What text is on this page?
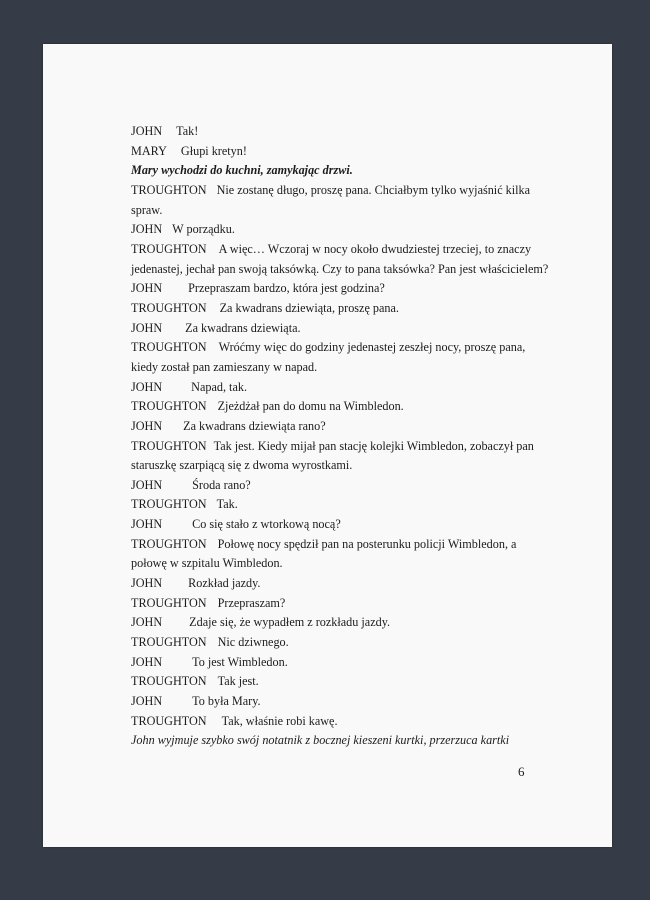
JOHN Tak!
MARY Głupi kretyn!
Mary wychodzi do kuchni, zamykając drzwi.
TROUGHTON Nie zostanę długo, proszę pana. Chciałbym tylko wyjaśnić kilka
spraw.
JOHN W porządku.
TROUGHTON A więc… Wczoraj w nocy około dwudziestej trzeciej, to znaczy
jedenastej, jechał pan swoją taksówką. Czy to pana taksówka? Pan jest właścicielem?
JOHN Przepraszam bardzo, która jest godzina?
TROUGHTON Za kwadrans dziewiąta, proszę pana.
JOHN Za kwadrans dziewiąta.
TROUGHTON Wróćmy więc do godziny jedenastej zeszłej nocy, proszę pana,
kiedy został pan zamieszany w napad.
JOHN Napad, tak.
TROUGHTON Zjeżdżał pan do domu na Wimbledon.
JOHN Za kwadrans dziewiąta rano?
TROUGHTON Tak jest. Kiedy mijał pan stację kolejki Wimbledon, zobaczył pan
staruszkę szarpiącą się z dwoma wyrostkami.
JOHN Środa rano?
TROUGHTON Tak.
JOHN Co się stało z wtorkową nocą?
TROUGHTON Połowę nocy spędził pan na posterunku policji Wimbledon, a
połowę w szpitalu Wimbledon.
JOHN Rozkład jazdy.
TROUGHTON Przepraszam?
JOHN Zdaje się, że wypadłem z rozkładu jazdy.
TROUGHTON Nic dziwnego.
JOHN To jest Wimbledon.
TROUGHTON Tak jest.
JOHN To była Mary.
TROUGHTON Tak, właśnie robi kawę.
John wyjmuje szybko swój notatnik z bocznej kieszeni kurtki, przerzuca kartki
6
